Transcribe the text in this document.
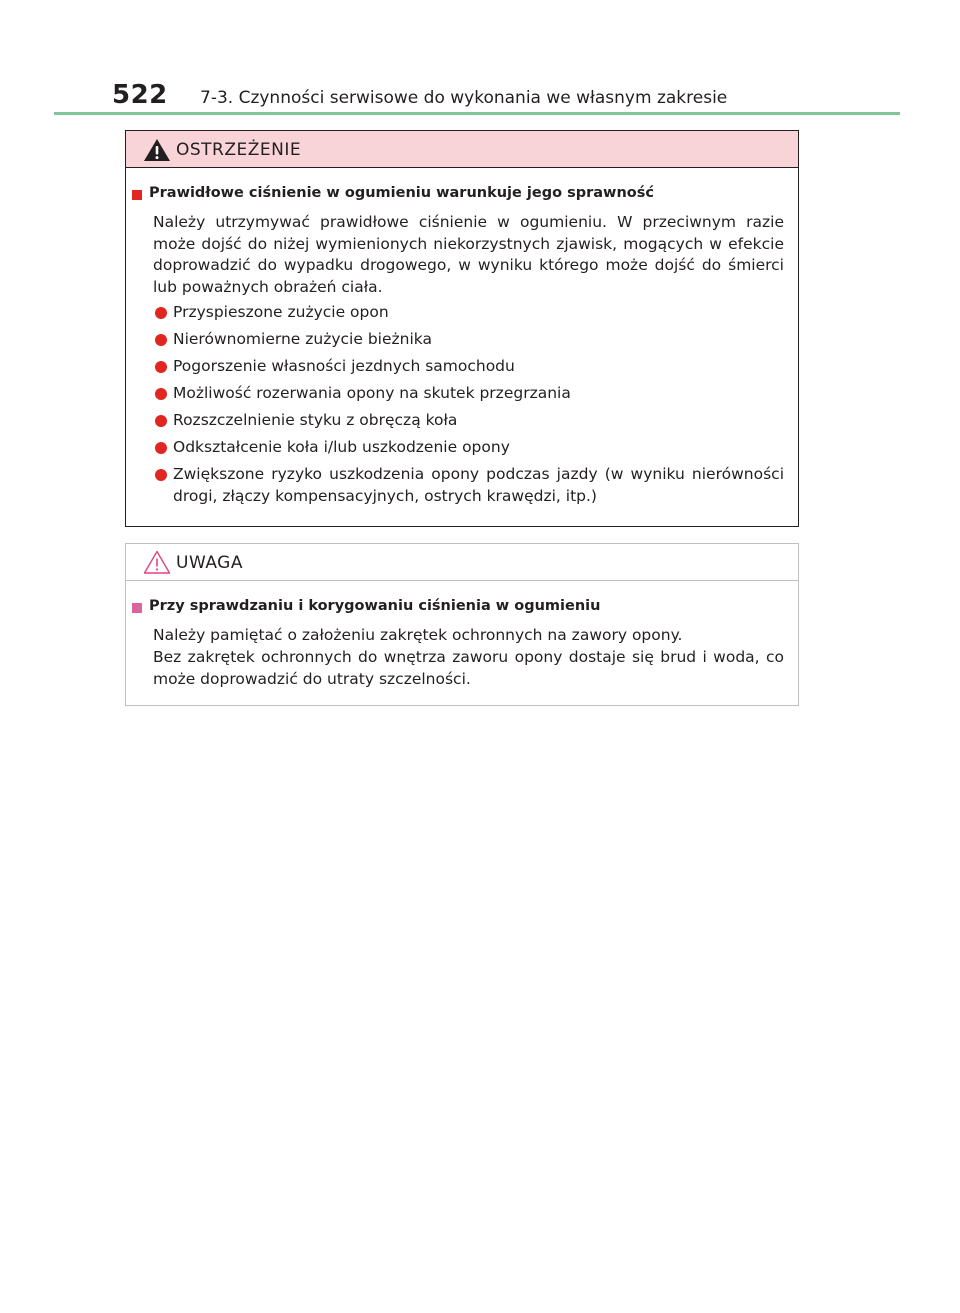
522 7-3. Czynności serwisowe do wykonania we własnym zakresie
OSTRZEŻENIE
Prawidłowe ciśnienie w ogumieniu warunkuje jego sprawność
Należy utrzymywać prawidłowe ciśnienie w ogumieniu. W przeciwnym razie może dojść do niżej wymienionych niekorzystnych zjawisk, mogących w efekcie doprowadzić do wypadku drogowego, w wyniku którego może dojść do śmierci lub poważnych obrażeń ciała.
Przyspieszone zużycie opon
Nierównomierne zużycie bieżnika
Pogorszenie własności jezdnych samochodu
Możliwość rozerwania opony na skutek przegrzania
Rozszczelnienie styku z obręczą koła
Odkształcenie koła i/lub uszkodzenie opony
Zwiększone ryzyko uszkodzenia opony podczas jazdy (w wyniku nierówności drogi, złączy kompensacyjnych, ostrych krawędzi, itp.)
UWAGA
Przy sprawdzaniu i korygowaniu ciśnienia w ogumieniu
Należy pamiętać o założeniu zakrętek ochronnych na zawory opony.
Bez zakrętek ochronnych do wnętrza zaworu opony dostaje się brud i woda, co może doprowadzić do utraty szczelności.
